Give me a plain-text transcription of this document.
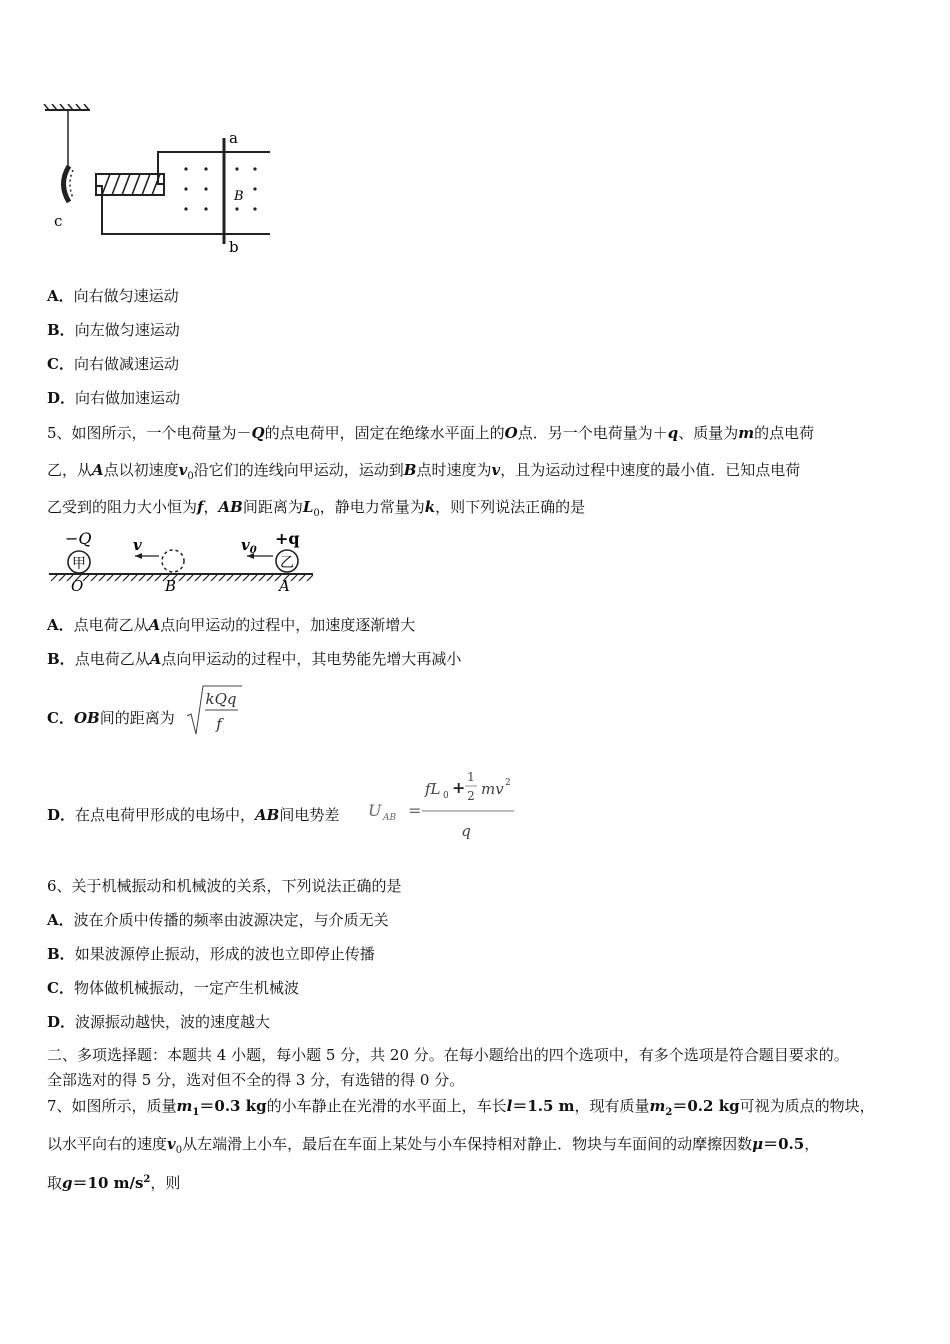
a
b
c
B
A．向右做匀速运动
B．向左做匀速运动
C．向右做减速运动
D．向右做加速运动
5、如图所示，一个电荷量为－Q的点电荷甲，固定在绝缘水平面上的O点．另一个电荷量为＋q、质量为m的点电荷
乙，从A点以初速度$v_0$沿它们的连线向甲运动，运动到B点时速度为v，且为运动过程中速度的最小值．已知点电荷
乙受到的阻力大小恒为f，AB间距离为$L_0$，静电力常量为k，则下列说法正确的是
甲
−Q	v
乙
$v_0$
+q
O	B	A
A．点电荷乙从A点向甲运动的过程中，加速度逐渐增大
B．点电荷乙从A点向甲运动的过程中，其电势能先增大再减小
C．OB间的距离为
kQq
f
D．在点电荷甲形成的电场中，AB间电势差 U AB =
fL 0 +
1
2 mv 2
q
6、关于机械振动和机械波的关系，下列说法正确的是
A．波在介质中传播的频率由波源决定，与介质无关
B．如果波源停止振动，形成的波也立即停止传播
C．物体做机械振动，一定产生机械波
D．波源振动越快，波的速度越大
二、多项选择题：本题共 4 小题，每小题 5 分，共 20 分。在每小题给出的四个选项中，有多个选项是符合题目要求的。
全部选对的得 5 分，选对但不全的得 3 分，有选错的得 0 分。
7、如图所示，质量$m_1=0.3$ kg的小车静止在光滑的水平面上，车长l＝1.5 m，现有质量$m_2=0.2$ kg可视为质点的物块，
以水平向右的速度$v_0$从左端滑上小车，最后在车面上某处与小车保持相对静止．物块与车面间的动摩擦因数μ＝0.5，
取g＝10 $m/s^2$，则
